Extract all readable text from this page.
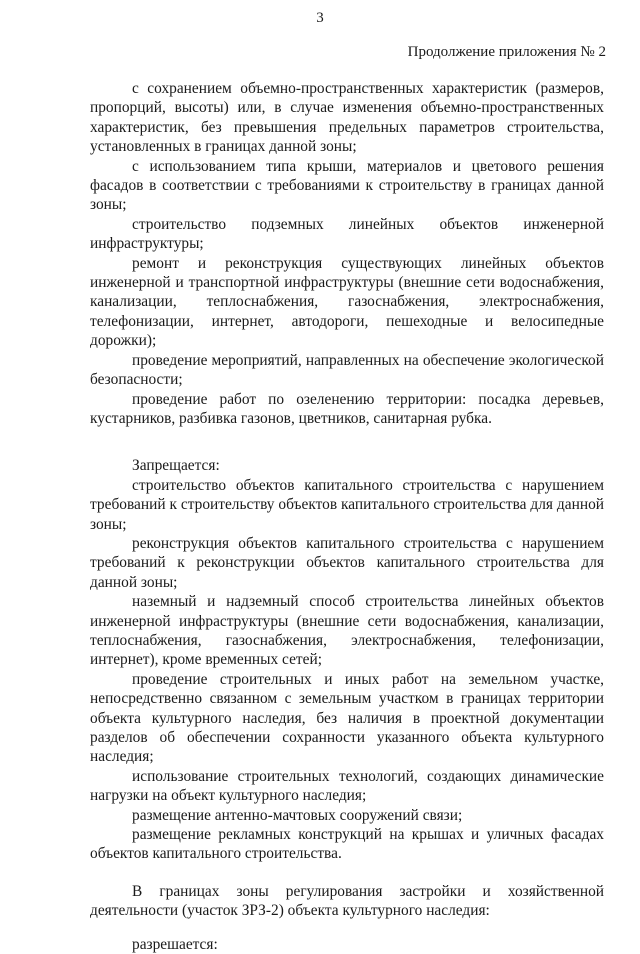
3
Продолжение приложения № 2

с сохранением объемно-пространственных характеристик (размеров, пропорций, высоты) или, в случае изменения объемно-пространственных характеристик, без превышения предельных параметров строительства, установленных в границах данной зоны;

с использованием типа крыши, материалов и цветового решения фасадов в соответствии с требованиями к строительству в границах данной зоны;

строительство подземных линейных объектов инженерной инфраструктуры;

ремонт и реконструкция существующих линейных объектов инженерной и транспортной инфраструктуры (внешние сети водоснабжения, канализации, теплоснабжения, газоснабжения, электроснабжения, телефонизации, интернет, автодороги, пешеходные и велосипедные дорожки);

проведение мероприятий, направленных на обеспечение экологической безопасности;

проведение работ по озеленению территории: посадка деревьев, кустарников, разбивка газонов, цветников, санитарная рубка.

Запрещается:

строительство объектов капитального строительства с нарушением требований к строительству объектов капитального строительства для данной зоны;

реконструкция объектов капитального строительства с нарушением требований к реконструкции объектов капитального строительства для данной зоны;

наземный и надземный способ строительства линейных объектов инженерной инфраструктуры (внешние сети водоснабжения, канализации, теплоснабжения, газоснабжения, электроснабжения, телефонизации, интернет), кроме временных сетей;

проведение строительных и иных работ на земельном участке, непосредственно связанном с земельным участком в границах территории объекта культурного наследия, без наличия в проектной документации разделов об обеспечении сохранности указанного объекта культурного наследия;

использование строительных технологий, создающих динамические нагрузки на объект культурного наследия;

размещение антенно-мачтовых сооружений связи;

размещение рекламных конструкций на крышах и уличных фасадах объектов капитального строительства.

В границах зоны регулирования застройки и хозяйственной деятельности (участок ЗРЗ-2) объекта культурного наследия:

разрешается:
